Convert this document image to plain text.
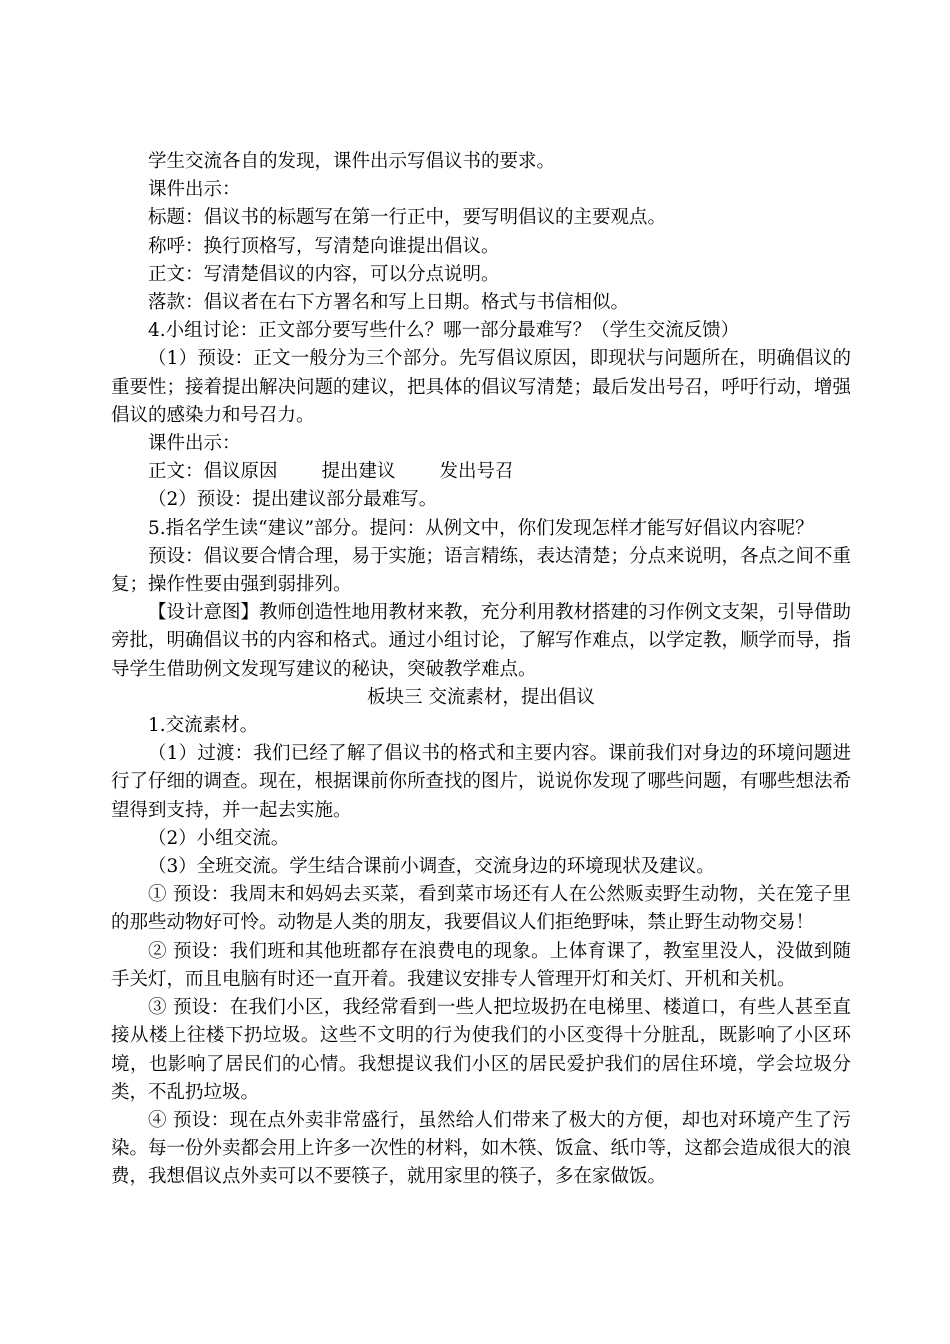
学生交流各自的发现，课件出示写倡议书的要求。

课件出示：

标题：倡议书的标题写在第一行正中，要写明倡议的主要观点。

称呼：换行顶格写，写清楚向谁提出倡议。

正文：写清楚倡议的内容，可以分点说明。

落款：倡议者在右下方署名和写上日期。格式与书信相似。

4.小组讨论：正文部分要写些什么？哪一部分最难写？（学生交流反馈）

（1）预设：正文一般分为三个部分。先写倡议原因，即现状与问题所在，明确倡议的重要性；接着提出解决问题的建议，把具体的倡议写清楚；最后发出号召，呼吁行动，增强倡议的感染力和号召力。

课件出示：

正文：倡议原因 提出建议 发出号召

（2）预设：提出建议部分最难写。

5.指名学生读“建议”部分。提问：从例文中，你们发现怎样才能写好倡议内容呢？

预设：倡议要合情合理，易于实施；语言精练，表达清楚；分点来说明，各点之间不重复；操作性要由强到弱排列。

【设计意图】教师创造性地用教材来教，充分利用教材搭建的习作例文支架，引导借助旁批，明确倡议书的内容和格式。通过小组讨论，了解写作难点，以学定教，顺学而导，指导学生借助例文发现写建议的秘诀，突破教学难点。

板块三 交流素材，提出倡议

1.交流素材。

（1）过渡：我们已经了解了倡议书的格式和主要内容。课前我们对身边的环境问题进行了仔细的调查。现在，根据课前你所查找的图片，说说你发现了哪些问题，有哪些想法希望得到支持，并一起去实施。

（2）小组交流。

（3）全班交流。学生结合课前小调查，交流身边的环境现状及建议。

① 预设：我周末和妈妈去买菜，看到菜市场还有人在公然贩卖野生动物，关在笼子里的那些动物好可怜。动物是人类的朋友，我要倡议人们拒绝野味，禁止野生动物交易！

② 预设：我们班和其他班都存在浪费电的现象。上体育课了，教室里没人，没做到随手关灯，而且电脑有时还一直开着。我建议安排专人管理开灯和关灯、开机和关机。

③ 预设：在我们小区，我经常看到一些人把垃圾扔在电梯里、楼道口，有些人甚至直接从楼上往楼下扔垃圾。这些不文明的行为使我们的小区变得十分脏乱，既影响了小区环境，也影响了居民们的心情。我想提议我们小区的居民爱护我们的居住环境，学会垃圾分类，不乱扔垃圾。

④ 预设：现在点外卖非常盛行，虽然给人们带来了极大的方便，却也对环境产生了污染。每一份外卖都会用上许多一次性的材料，如木筷、饭盒、纸巾等，这都会造成很大的浪费，我想倡议点外卖可以不要筷子，就用家里的筷子，多在家做饭。
